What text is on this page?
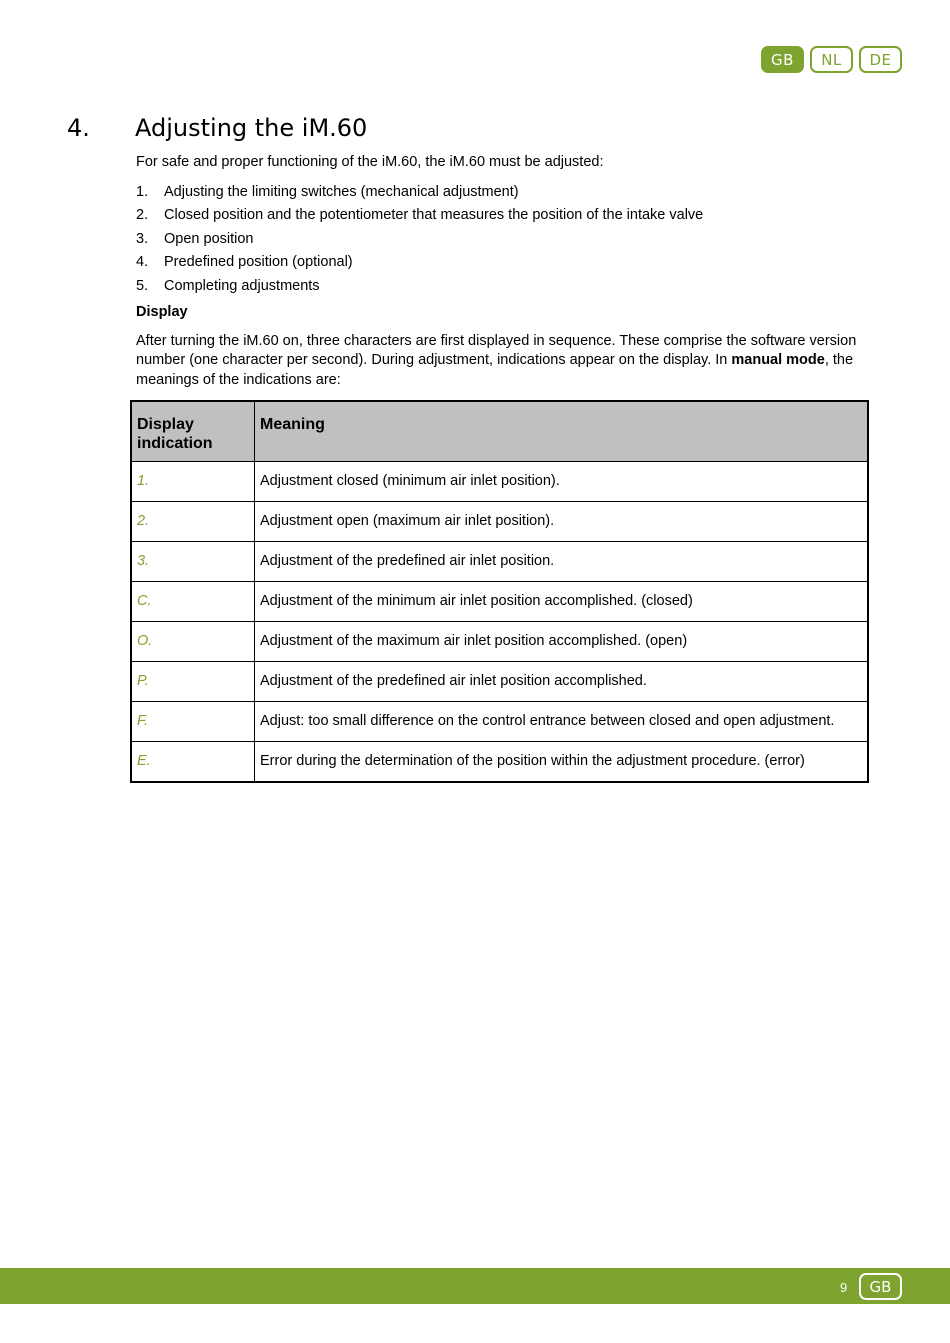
GB	NL	DE
4. Adjusting the iM.60

For safe and proper functioning of the iM.60, the iM.60 must be adjusted:

1. Adjusting the limiting switches (mechanical adjustment)
2. Closed position and the potentiometer that measures the position of the intake valve
3. Open position
4. Predefined position (optional)
5. Completing adjustments

Display

After turning the iM.60 on, three characters are first displayed in sequence. These comprise the software version number (one character per second). During adjustment, indications appear on the display. In manual mode, the meanings of the indications are:

Display indication	Meaning
1.	Adjustment closed (minimum air inlet position).
2.	Adjustment open (maximum air inlet position).
3.	Adjustment of the predefined air inlet position.
C.	Adjustment of the minimum air inlet position accomplished. (closed)
O.	Adjustment of the maximum air inlet position accomplished. (open)
P.	Adjustment of the predefined air inlet position accomplished.
F.	Adjust: too small difference on the control entrance between closed and open adjustment.
E.	Error during the determination of the position within the adjustment procedure. (error)
9	GB
